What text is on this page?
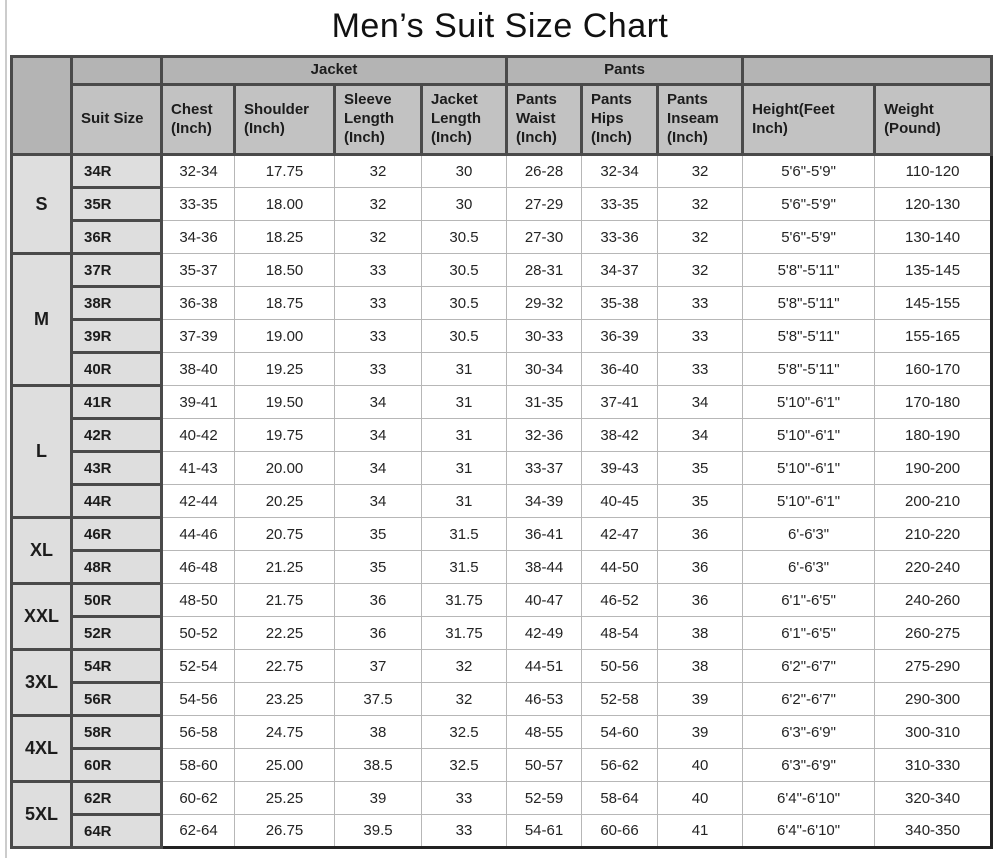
Men’s Suit Size Chart
		Jacket				Pants				
	Suit Size	Chest (Inch)	Shoulder (Inch)	Sleeve Length (Inch)	Jacket Length (Inch)	Pants Waist (Inch)	Pants Hips (Inch)	Pants Inseam (Inch)	Height(Feet Inch)	Weight (Pound)
S	34R	32-34	17.75	32	30	26-28	32-34	32	5'6"-5'9"	110-120
	35R	33-35	18.00	32	30	27-29	33-35	32	5'6"-5'9"	120-130
	36R	34-36	18.25	32	30.5	27-30	33-36	32	5'6"-5'9"	130-140
M	37R	35-37	18.50	33	30.5	28-31	34-37	32	5'8"-5'11"	135-145
	38R	36-38	18.75	33	30.5	29-32	35-38	33	5'8"-5'11"	145-155
	39R	37-39	19.00	33	30.5	30-33	36-39	33	5'8"-5'11"	155-165
	40R	38-40	19.25	33	31	30-34	36-40	33	5'8"-5'11"	160-170
L	41R	39-41	19.50	34	31	31-35	37-41	34	5'10"-6'1"	170-180
	42R	40-42	19.75	34	31	32-36	38-42	34	5'10"-6'1"	180-190
	43R	41-43	20.00	34	31	33-37	39-43	35	5'10"-6'1"	190-200
	44R	42-44	20.25	34	31	34-39	40-45	35	5'10"-6'1"	200-210
XL	46R	44-46	20.75	35	31.5	36-41	42-47	36	6'-6'3"	210-220
	48R	46-48	21.25	35	31.5	38-44	44-50	36	6'-6'3"	220-240
XXL	50R	48-50	21.75	36	31.75	40-47	46-52	36	6'1"-6'5"	240-260
	52R	50-52	22.25	36	31.75	42-49	48-54	38	6'1"-6'5"	260-275
3XL	54R	52-54	22.75	37	32	44-51	50-56	38	6'2"-6'7"	275-290
	56R	54-56	23.25	37.5	32	46-53	52-58	39	6'2"-6'7"	290-300
4XL	58R	56-58	24.75	38	32.5	48-55	54-60	39	6'3"-6'9"	300-310
	60R	58-60	25.00	38.5	32.5	50-57	56-62	40	6'3"-6'9"	310-330
5XL	62R	60-62	25.25	39	33	52-59	58-64	40	6'4"-6'10"	320-340
	64R	62-64	26.75	39.5	33	54-61	60-66	41	6'4"-6'10"	340-350
